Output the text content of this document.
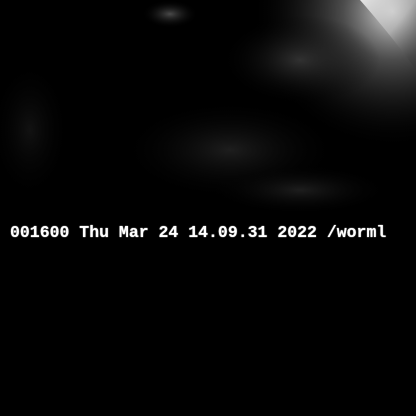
001600 Thu Mar 24 14.09.31 2022 /worml
